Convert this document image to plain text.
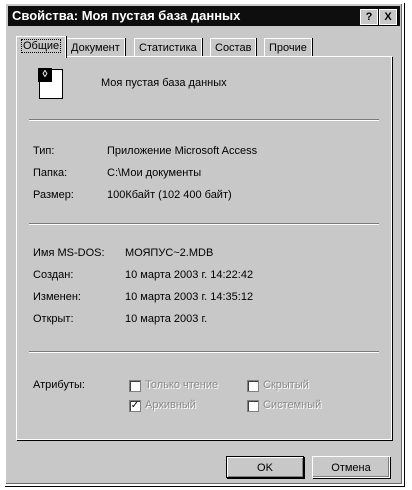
Свойства: Моя пустая база данных	?	X
Общие	Документ	Статистика	Состав	Прочие
◊
Моя пустая база данных
Тип:	Приложение Microsoft Access
Папка:	C:\Мои документы
Размер:	100Кбайт (102 400 байт)
Имя MS-DOS: МОЯПУС~2.MDB
Создан:	10 марта 2003 г. 14:22:42
Изменен:	10 марта 2003 г. 14:35:12
Открыт:	10 марта 2003 г.
Атрибуты:	Только чтение	Скрытый
✓ Архивный	Системный
OK	Отмена
